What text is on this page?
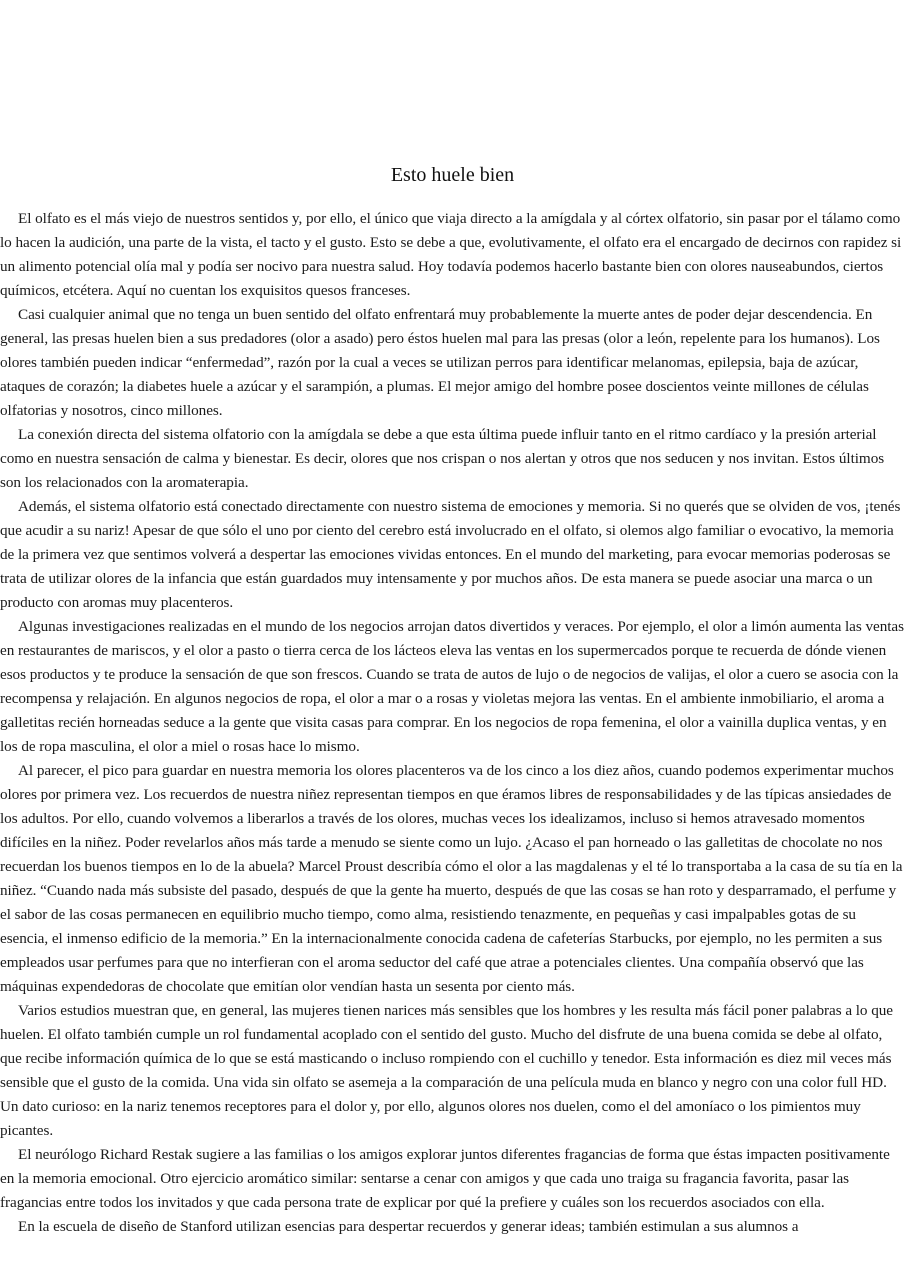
Esto huele bien

El olfato es el más viejo de nuestros sentidos y, por ello, el único que viaja directo a la amígdala y al córtex olfatorio, sin pasar por el tálamo como lo hacen la audición, una parte de la vista, el tacto y el gusto. Esto se debe a que, evolutivamente, el olfato era el encargado de decirnos con rapidez si un alimento potencial olía mal y podía ser nocivo para nuestra salud. Hoy todavía podemos hacerlo bastante bien con olores nauseabundos, ciertos químicos, etcétera. Aquí no cuentan los exquisitos quesos franceses.

Casi cualquier animal que no tenga un buen sentido del olfato enfrentará muy probablemente la muerte antes de poder dejar descendencia. En general, las presas huelen bien a sus predadores (olor a asado) pero éstos huelen mal para las presas (olor a león, repelente para los humanos). Los olores también pueden indicar “enfermedad”, razón por la cual a veces se utilizan perros para identificar melanomas, epilepsia, baja de azúcar, ataques de corazón; la diabetes huele a azúcar y el sarampión, a plumas. El mejor amigo del hombre posee doscientos veinte millones de células olfatorias y nosotros, cinco millones.

La conexión directa del sistema olfatorio con la amígdala se debe a que esta última puede influir tanto en el ritmo cardíaco y la presión arterial como en nuestra sensación de calma y bienestar. Es decir, olores que nos crispan o nos alertan y otros que nos seducen y nos invitan. Estos últimos son los relacionados con la aromaterapia.

Además, el sistema olfatorio está conectado directamente con nuestro sistema de emociones y memoria. Si no querés que se olviden de vos, ¡tenés que acudir a su nariz! Apesar de que sólo el uno por ciento del cerebro está involucrado en el olfato, si olemos algo familiar o evocativo, la memoria de la primera vez que sentimos volverá a despertar las emociones vividas entonces. En el mundo del marketing, para evocar memorias poderosas se trata de utilizar olores de la infancia que están guardados muy intensamente y por muchos años. De esta manera se puede asociar una marca o un producto con aromas muy placenteros.

Algunas investigaciones realizadas en el mundo de los negocios arrojan datos divertidos y veraces. Por ejemplo, el olor a limón aumenta las ventas en restaurantes de mariscos, y el olor a pasto o tierra cerca de los lácteos eleva las ventas en los supermercados porque te recuerda de dónde vienen esos productos y te produce la sensación de que son frescos. Cuando se trata de autos de lujo o de negocios de valijas, el olor a cuero se asocia con la recompensa y relajación. En algunos negocios de ropa, el olor a mar o a rosas y violetas mejora las ventas. En el ambiente inmobiliario, el aroma a galletitas recién horneadas seduce a la gente que visita casas para comprar. En los negocios de ropa femenina, el olor a vainilla duplica ventas, y en los de ropa masculina, el olor a miel o rosas hace lo mismo.

Al parecer, el pico para guardar en nuestra memoria los olores placenteros va de los cinco a los diez años, cuando podemos experimentar muchos olores por primera vez. Los recuerdos de nuestra niñez representan tiempos en que éramos libres de responsabilidades y de las típicas ansiedades de los adultos. Por ello, cuando volvemos a liberarlos a través de los olores, muchas veces los idealizamos, incluso si hemos atravesado momentos difíciles en la niñez. Poder revelarlos años más tarde a menudo se siente como un lujo. ¿Acaso el pan horneado o las galletitas de chocolate no nos recuerdan los buenos tiempos en lo de la abuela? Marcel Proust describía cómo el olor a las magdalenas y el té lo transportaba a la casa de su tía en la niñez. “Cuando nada más subsiste del pasado, después de que la gente ha muerto, después de que las cosas se han roto y desparramado, el perfume y el sabor de las cosas permanecen en equilibrio mucho tiempo, como alma, resistiendo tenazmente, en pequeñas y casi impalpables gotas de su esencia, el inmenso edificio de la memoria.” En la internacionalmente conocida cadena de cafeterías Starbucks, por ejemplo, no les permiten a sus empleados usar perfumes para que no interfieran con el aroma seductor del café que atrae a potenciales clientes. Una compañía observó que las máquinas expendedoras de chocolate que emitían olor vendían hasta un sesenta por ciento más.

Varios estudios muestran que, en general, las mujeres tienen narices más sensibles que los hombres y les resulta más fácil poner palabras a lo que huelen. El olfato también cumple un rol fundamental acoplado con el sentido del gusto. Mucho del disfrute de una buena comida se debe al olfato, que recibe información química de lo que se está masticando o incluso rompiendo con el cuchillo y tenedor. Esta información es diez mil veces más sensible que el gusto de la comida. Una vida sin olfato se asemeja a la comparación de una película muda en blanco y negro con una color full HD. Un dato curioso: en la nariz tenemos receptores para el dolor y, por ello, algunos olores nos duelen, como el del amoníaco o los pimientos muy picantes.

El neurólogo Richard Restak sugiere a las familias o los amigos explorar juntos diferentes fragancias de forma que éstas impacten positivamente en la memoria emocional. Otro ejercicio aromático similar: sentarse a cenar con amigos y que cada uno traiga su fragancia favorita, pasar las fragancias entre todos los invitados y que cada persona trate de explicar por qué la prefiere y cuáles son los recuerdos asociados con ella.

En la escuela de diseño de Stanford utilizan esencias para despertar recuerdos y generar ideas; también estimulan a sus alumnos a
